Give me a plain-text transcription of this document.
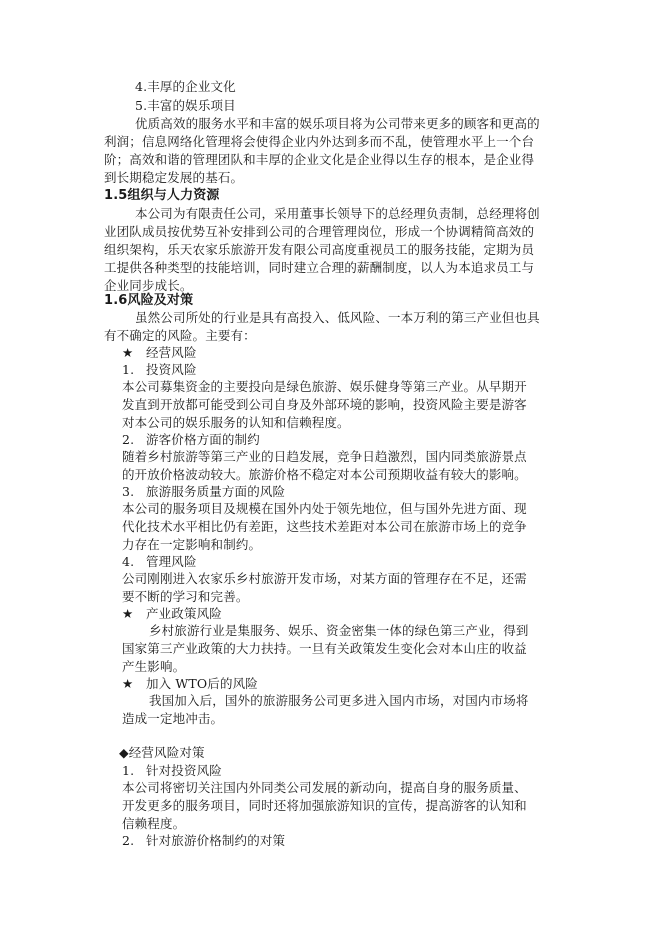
4.丰厚的企业文化
5.丰富的娱乐项目
优质高效的服务水平和丰富的娱乐项目将为公司带来更多的顾客和更高的
利润；信息网络化管理将会使得企业内外达到多而不乱，使管理水平上一个台
阶；高效和谐的管理团队和丰厚的企业文化是企业得以生存的根本，是企业得
到长期稳定发展的基石。
1.5组织与人力资源
本公司为有限责任公司，采用董事长领导下的总经理负责制，总经理将创
业团队成员按优势互补安排到公司的合理管理岗位，形成一个协调精简高效的
组织架构，乐天农家乐旅游开发有限公司高度重视员工的服务技能，定期为员
工提供各种类型的技能培训，同时建立合理的薪酬制度，以人为本追求员工与
企业同步成长。
1.6风险及对策
虽然公司所处的行业是具有高投入、低风险、一本万利的第三产业但也具
有不确定的风险。主要有：
★ 经营风险
1. 投资风险
本公司募集资金的主要投向是绿色旅游、娱乐健身等第三产业。从早期开
发直到开放都可能受到公司自身及外部环境的影响，投资风险主要是游客
对本公司的娱乐服务的认知和信赖程度。
2. 游客价格方面的制约
随着乡村旅游等第三产业的日趋发展，竞争日趋激烈，国内同类旅游景点
的开放价格波动较大。旅游价格不稳定对本公司预期收益有较大的影响。
3. 旅游服务质量方面的风险
本公司的服务项目及规模在国外内处于领先地位，但与国外先进方面、现
代化技术水平相比仍有差距，这些技术差距对本公司在旅游市场上的竞争
力存在一定影响和制约。
4. 管理风险
公司刚刚进入农家乐乡村旅游开发市场，对某方面的管理存在不足，还需
要不断的学习和完善。
★ 产业政策风险
乡村旅游行业是集服务、娱乐、资金密集一体的绿色第三产业，得到
国家第三产业政策的大力扶持。一旦有关政策发生变化会对本山庄的收益
产生影响。
★ 加入 WTO后的风险
我国加入后，国外的旅游服务公司更多进入国内市场，对国内市场将
造成一定地冲击。
◆经营风险对策
1. 针对投资风险
本公司将密切关注国内外同类公司发展的新动向，提高自身的服务质量、
开发更多的服务项目，同时还将加强旅游知识的宣传，提高游客的认知和
信赖程度。
2. 针对旅游价格制约的对策
